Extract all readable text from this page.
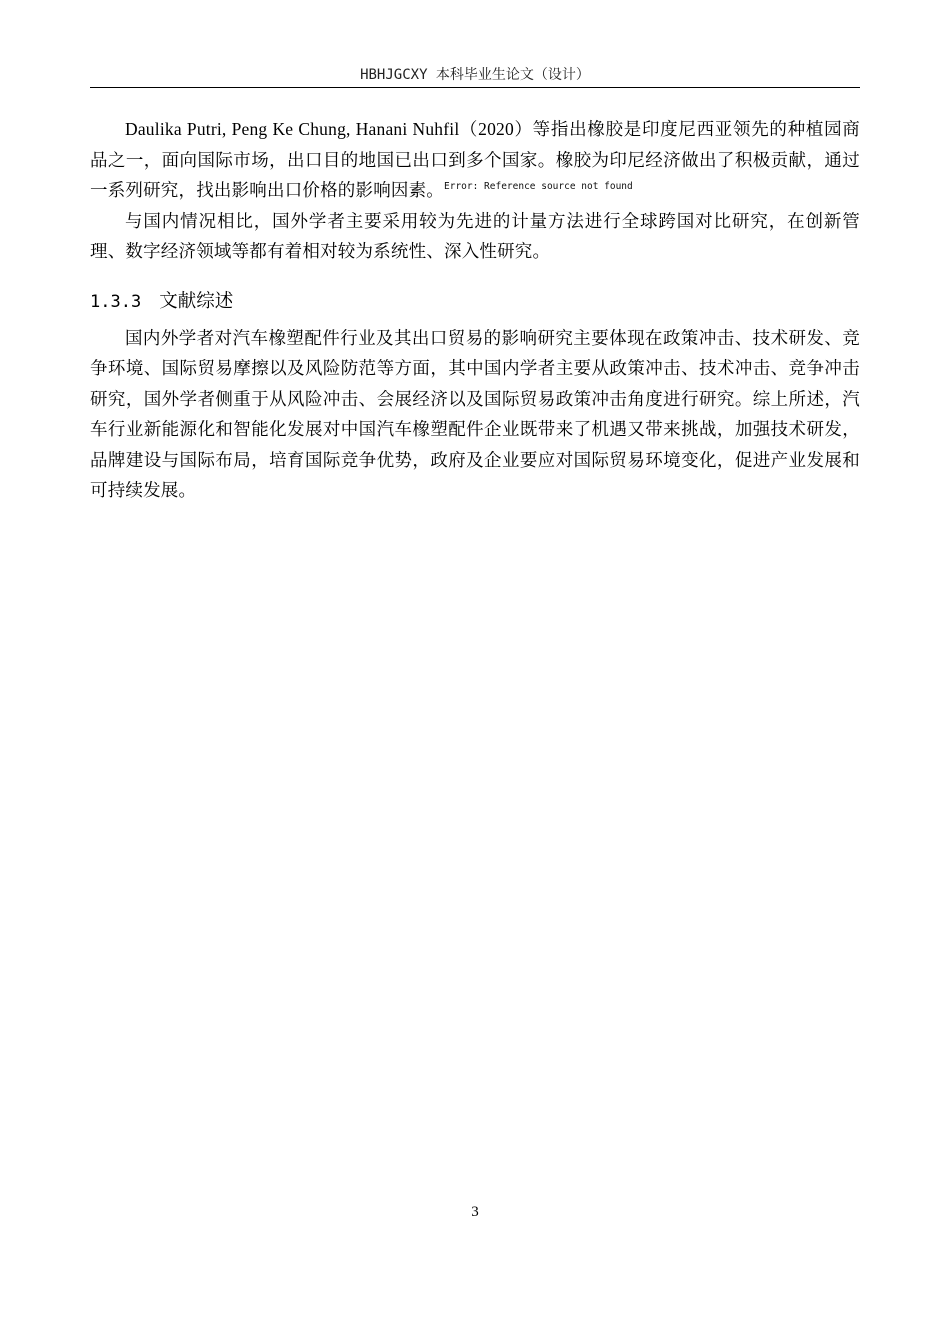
HBHJGCXY 本科毕业生论文（设计）

Daulika Putri, Peng Ke Chung, Hanani Nuhfil（2020）等指出橡胶是印度尼西亚领先的种植园商品之一，面向国际市场，出口目的地国已出口到多个国家。橡胶为印尼经济做出了积极贡献，通过一系列研究，找出影响出口价格的影响因素。$^{Error: Reference source not found}$

与国内情况相比，国外学者主要采用较为先进的计量方法进行全球跨国对比研究，在创新管理、数字经济领域等都有着相对较为系统性、深入性研究。

1.3.3 文献综述

国内外学者对汽车橡塑配件行业及其出口贸易的影响研究主要体现在政策冲击、技术研发、竞争环境、国际贸易摩擦以及风险防范等方面，其中国内学者主要从政策冲击、技术冲击、竞争冲击研究，国外学者侧重于从风险冲击、会展经济以及国际贸易政策冲击角度进行研究。综上所述，汽车行业新能源化和智能化发展对中国汽车橡塑配件企业既带来了机遇又带来挑战，加强技术研发，品牌建设与国际布局，培育国际竞争优势，政府及企业要应对国际贸易环境变化，促进产业发展和可持续发展。

3
